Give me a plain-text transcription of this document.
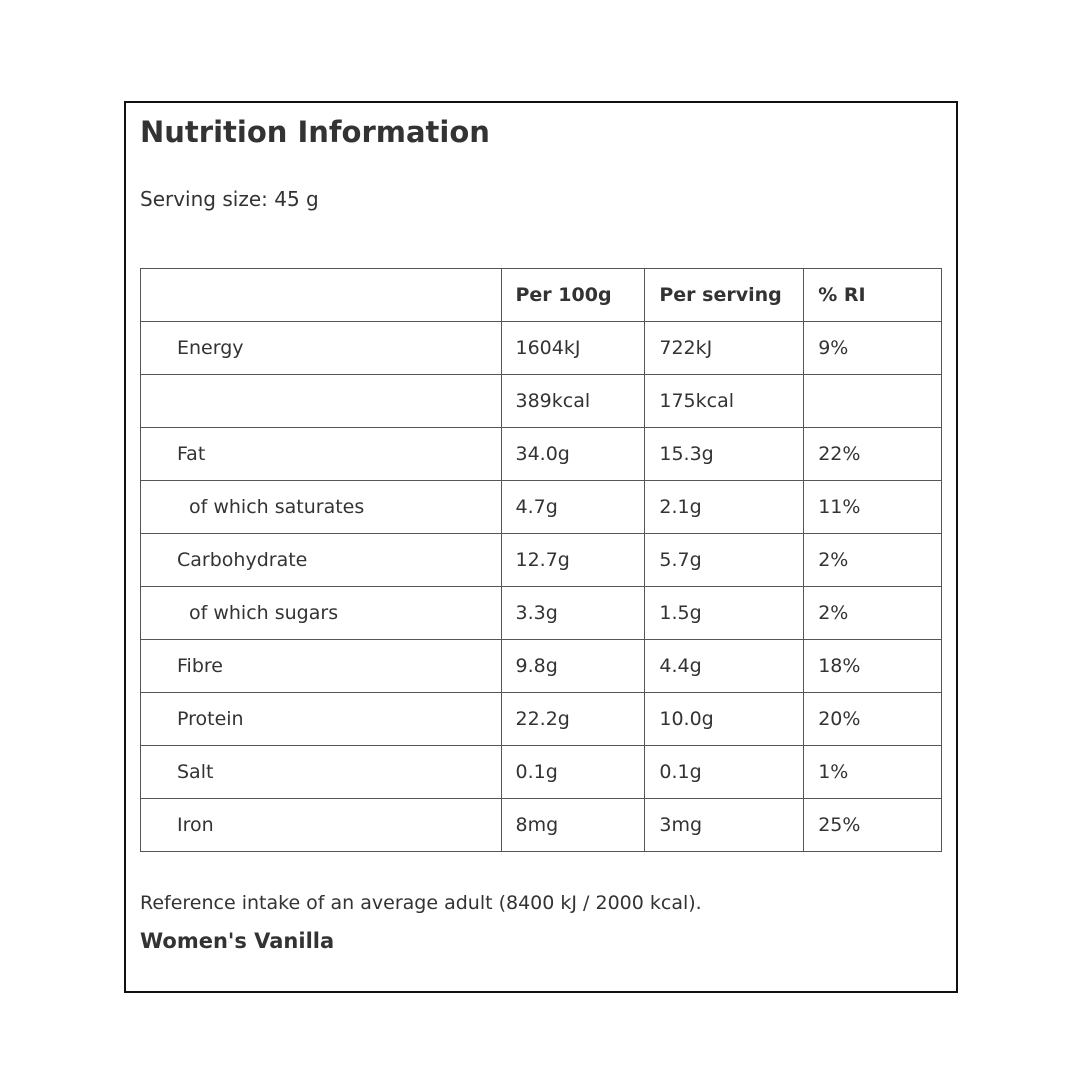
Nutrition Information
Serving size: 45 g
	Per 100g	Per serving	% RI
Energy	1604kJ	722kJ	9%
	389kcal	175kcal	
Fat	34.0g	15.3g	22%
of which saturates	4.7g	2.1g	11%
Carbohydrate	12.7g	5.7g	2%
of which sugars	3.3g	1.5g	2%
Fibre	9.8g	4.4g	18%
Protein	22.2g	10.0g	20%
Salt	0.1g	0.1g	1%
Iron	8mg	3mg	25%
Reference intake of an average adult (8400 kJ / 2000 kcal).
Women's Vanilla
